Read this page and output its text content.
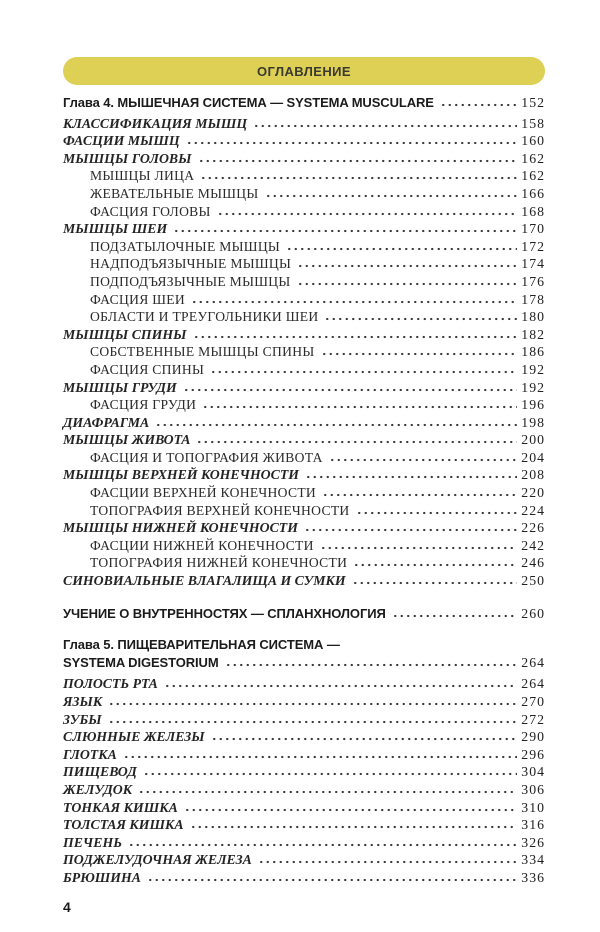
ОГЛАВЛЕНИЕ
Глава 4. МЫШЕЧНАЯ СИСТЕМА — SYSTEMA MUSCULARE	152
КЛАССИФИКАЦИЯ МЫШЦ	158
ФАСЦИИ МЫШЦ	160
МЫШЦЫ ГОЛОВЫ	162
МЫШЦЫ ЛИЦА	162
ЖЕВАТЕЛЬНЫЕ МЫШЦЫ	166
ФАСЦИЯ ГОЛОВЫ	168
МЫШЦЫ ШЕИ	170
ПОДЗАТЫЛОЧНЫЕ МЫШЦЫ	172
НАДПОДЪЯЗЫЧНЫЕ МЫШЦЫ	174
ПОДПОДЪЯЗЫЧНЫЕ МЫШЦЫ	176
ФАСЦИЯ ШЕИ	178
ОБЛАСТИ И ТРЕУГОЛЬНИКИ ШЕИ	180
МЫШЦЫ СПИНЫ	182
СОБСТВЕННЫЕ МЫШЦЫ СПИНЫ	186
ФАСЦИЯ СПИНЫ	192
МЫШЦЫ ГРУДИ	192
ФАСЦИЯ ГРУДИ	196
ДИАФРАГМА	198
МЫШЦЫ ЖИВОТА	200
ФАСЦИЯ И ТОПОГРАФИЯ ЖИВОТА	204
МЫШЦЫ ВЕРХНЕЙ КОНЕЧНОСТИ	208
ФАСЦИИ ВЕРХНЕЙ КОНЕЧНОСТИ	220
ТОПОГРАФИЯ ВЕРХНЕЙ КОНЕЧНОСТИ	224
МЫШЦЫ НИЖНЕЙ КОНЕЧНОСТИ	226
ФАСЦИИ НИЖНЕЙ КОНЕЧНОСТИ	242
ТОПОГРАФИЯ НИЖНЕЙ КОНЕЧНОСТИ	246
СИНОВИАЛЬНЫЕ ВЛАГАЛИЩА И СУМКИ	250
УЧЕНИЕ О ВНУТРЕННОСТЯХ — СПЛАНХНОЛОГИЯ	260
Глава 5. ПИЩЕВАРИТЕЛЬНАЯ СИСТЕМА —
SYSTEMA DIGESTORIUM	264
ПОЛОСТЬ РТА	264
ЯЗЫК	270
ЗУБЫ	272
СЛЮННЫЕ ЖЕЛЕЗЫ	290
ГЛОТКА	296
ПИЩЕВОД	304
ЖЕЛУДОК	306
ТОНКАЯ КИШКА	310
ТОЛСТАЯ КИШКА	316
ПЕЧЕНЬ	326
ПОДЖЕЛУДОЧНАЯ ЖЕЛЕЗА	334
БРЮШИНА	336
4
